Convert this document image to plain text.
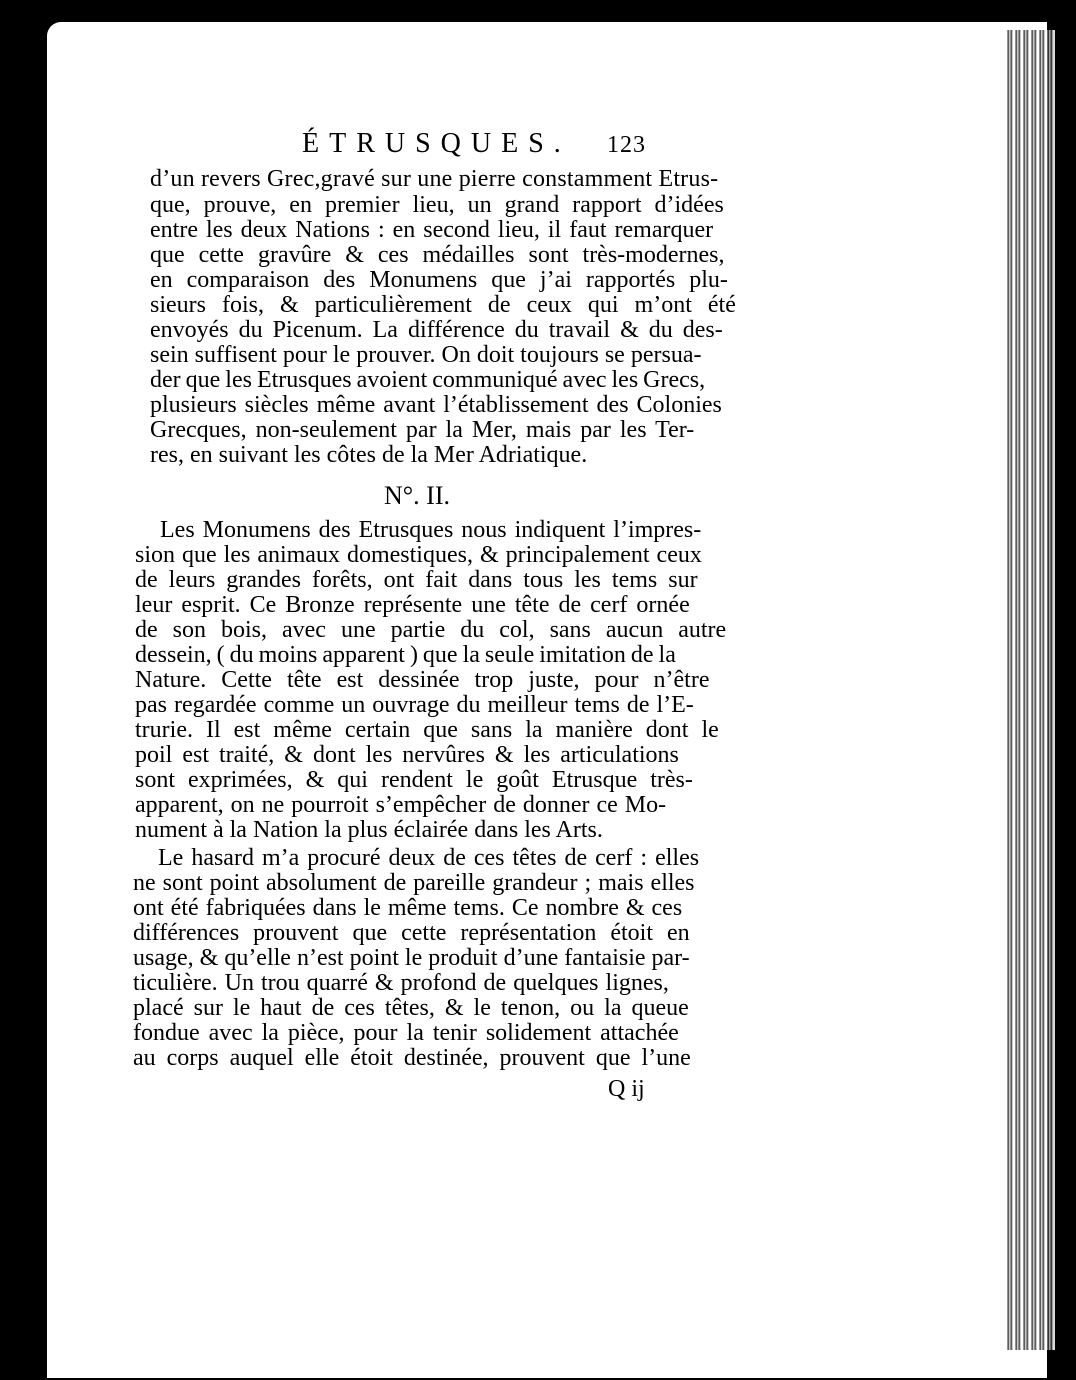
ÉTRUSQUES. 123
d’un revers Grec,gravé sur une pierre constamment Etrus-
que, prouve, en premier lieu, un grand rapport d’idées
entre les deux Nations : en second lieu, il faut remarquer
que cette gravûre & ces médailles sont très-modernes,
en comparaison des Monumens que j’ai rapportés plu-
sieurs fois, & particulièrement de ceux qui m’ont été
envoyés du Picenum. La différence du travail & du des-
sein suffisent pour le prouver. On doit toujours se persua-
der que les Etrusques avoient communiqué avec les Grecs,
plusieurs siècles même avant l’établissement des Colonies
Grecques, non-seulement par la Mer, mais par les Ter-
res, en suivant les côtes de la Mer Adriatique.
N°. II.
Les Monumens des Etrusques nous indiquent l’impres-
sion que les animaux domestiques, & principalement ceux
de leurs grandes forêts, ont fait dans tous les tems sur
leur esprit. Ce Bronze représente une tête de cerf ornée
de son bois, avec une partie du col, sans aucun autre
dessein, ( du moins apparent ) que la seule imitation de la
Nature. Cette tête est dessinée trop juste, pour n’être
pas regardée comme un ouvrage du meilleur tems de l’E-
trurie. Il est même certain que sans la manière dont le
poil est traité, & dont les nervûres & les articulations
sont exprimées, & qui rendent le goût Etrusque très-
apparent, on ne pourroit s’empêcher de donner ce Mo-
nument à la Nation la plus éclairée dans les Arts.
Le hasard m’a procuré deux de ces têtes de cerf : elles
ne sont point absolument de pareille grandeur ; mais elles
ont été fabriquées dans le même tems. Ce nombre & ces
différences prouvent que cette représentation étoit en
usage, & qu’elle n’est point le produit d’une fantaisie par-
ticulière. Un trou quarré & profond de quelques lignes,
placé sur le haut de ces têtes, & le tenon, ou la queue
fondue avec la pièce, pour la tenir solidement attachée
au corps auquel elle étoit destinée, prouvent que l’une
Q ij
